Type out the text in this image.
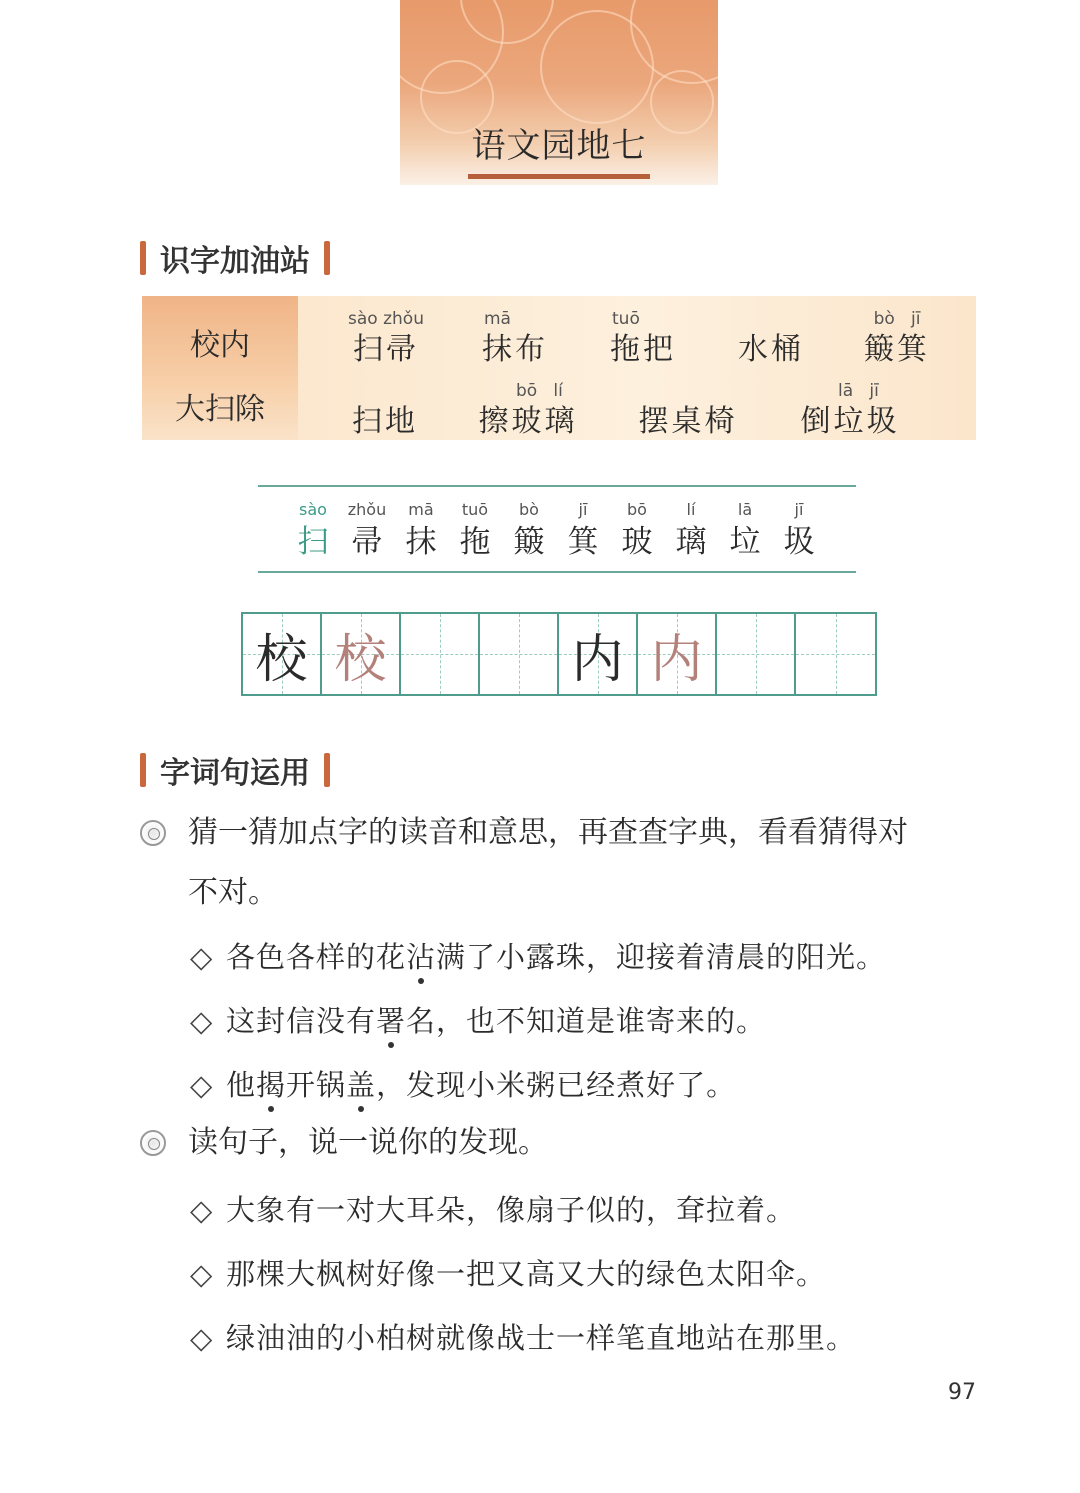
语文园地七
识字加油站
校内
大扫除
sào zhǒu
扫帚
mā
抹布
tuō
拖把	水桶
bò   jī
簸箕
扫地
bō   lí
擦玻璃 摆桌椅
lā   jī
倒垃圾
sào
扫
zhǒu
帚
mā
抹
tuō
拖
bò
簸
jī
箕
bō
玻
lí
璃
lā
垃
jī
圾
校 校	内 内
字词句运用
猜一猜加点字的读音和意思，再查查字典，看看猜得对
不对。
◇ 各色各样的花沾满了小露珠，迎接着清晨的阳光。
◇ 这封信没有署名，也不知道是谁寄来的。
◇ 他揭开锅盖，发现小米粥已经煮好了。
读句子，说一说你的发现。
◇ 大象有一对大耳朵，像扇子似的，耷拉着。
◇ 那棵大枫树好像一把又高又大的绿色太阳伞。
◇ 绿油油的小柏树就像战士一样笔直地站在那里。
97
